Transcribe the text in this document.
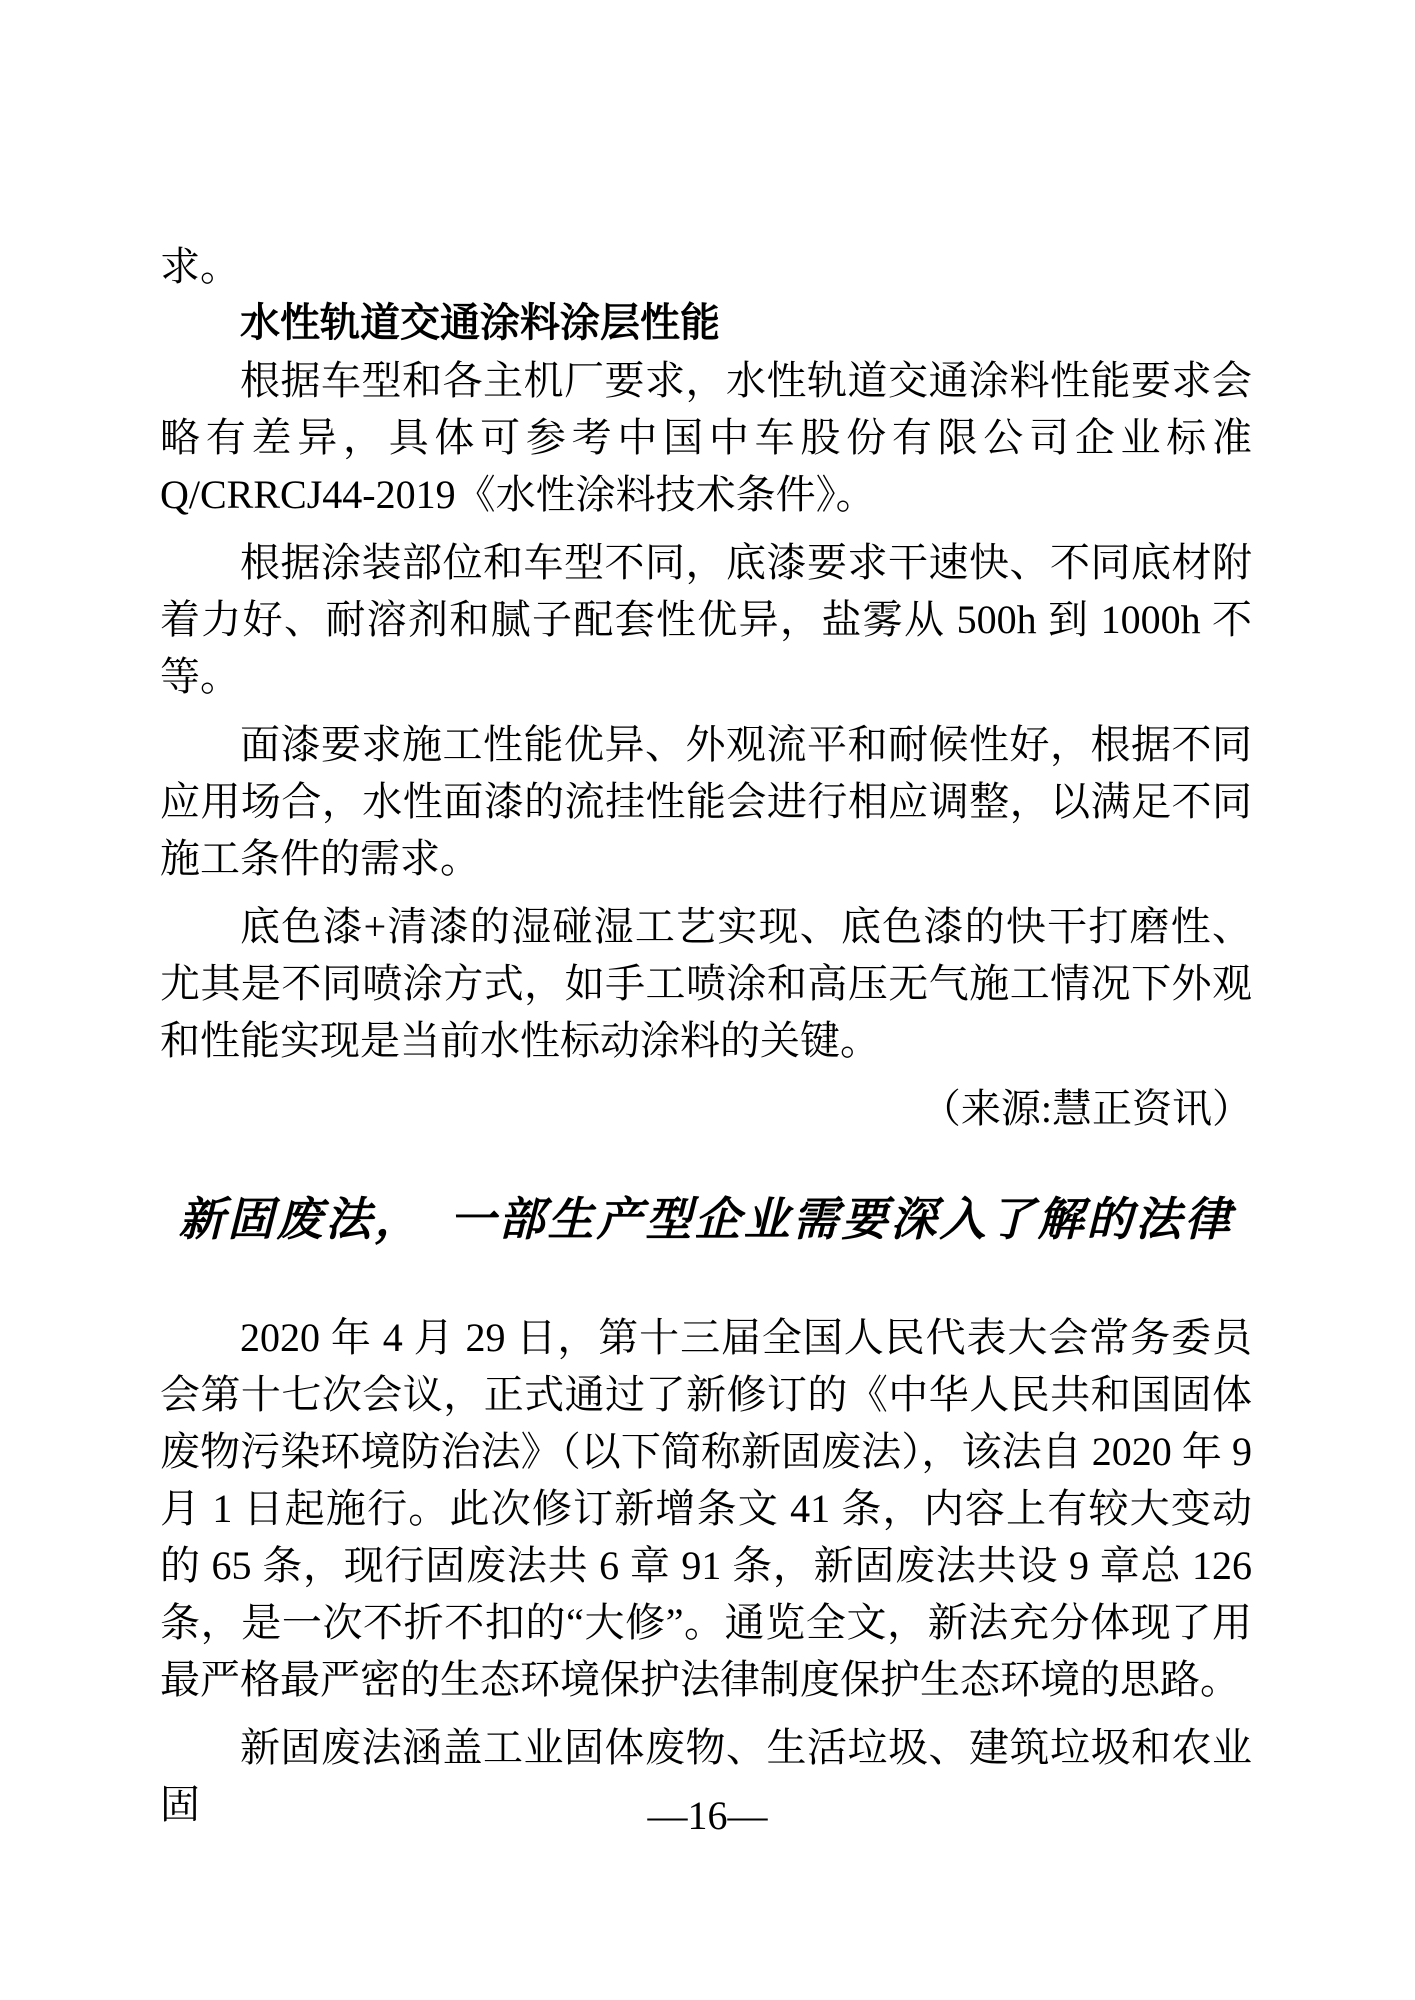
求。

水性轨道交通涂料涂层性能

根据车型和各主机厂要求，水性轨道交通涂料性能要求会略有差异，具体可参考中国中车股份有限公司企业标准 Q/CRRCJ44-2019《水性涂料技术条件》。

根据涂装部位和车型不同，底漆要求干速快、不同底材附着力好、耐溶剂和腻子配套性优异，盐雾从 500h 到 1000h 不等。

面漆要求施工性能优异、外观流平和耐候性好，根据不同应用场合，水性面漆的流挂性能会进行相应调整，以满足不同施工条件的需求。

底色漆+清漆的湿碰湿工艺实现、底色漆的快干打磨性、尤其是不同喷涂方式，如手工喷涂和高压无气施工情况下外观和性能实现是当前水性标动涂料的关键。

（来源:慧正资讯）

新固废法，　一部生产型企业需要深入了解的法律

2020 年 4 月 29 日，第十三届全国人民代表大会常务委员会第十七次会议，正式通过了新修订的《中华人民共和国固体废物污染环境防治法》（以下简称新固废法），该法自 2020 年 9 月 1 日起施行。此次修订新增条文 41 条，内容上有较大变动的 65 条，现行固废法共 6 章 91 条，新固废法共设 9 章总 126 条，是一次不折不扣的“大修”。通览全文，新法充分体现了用最严格最严密的生态环境保护法律制度保护生态环境的思路。

新固废法涵盖工业固体废物、生活垃圾、建筑垃圾和农业固	—16—
